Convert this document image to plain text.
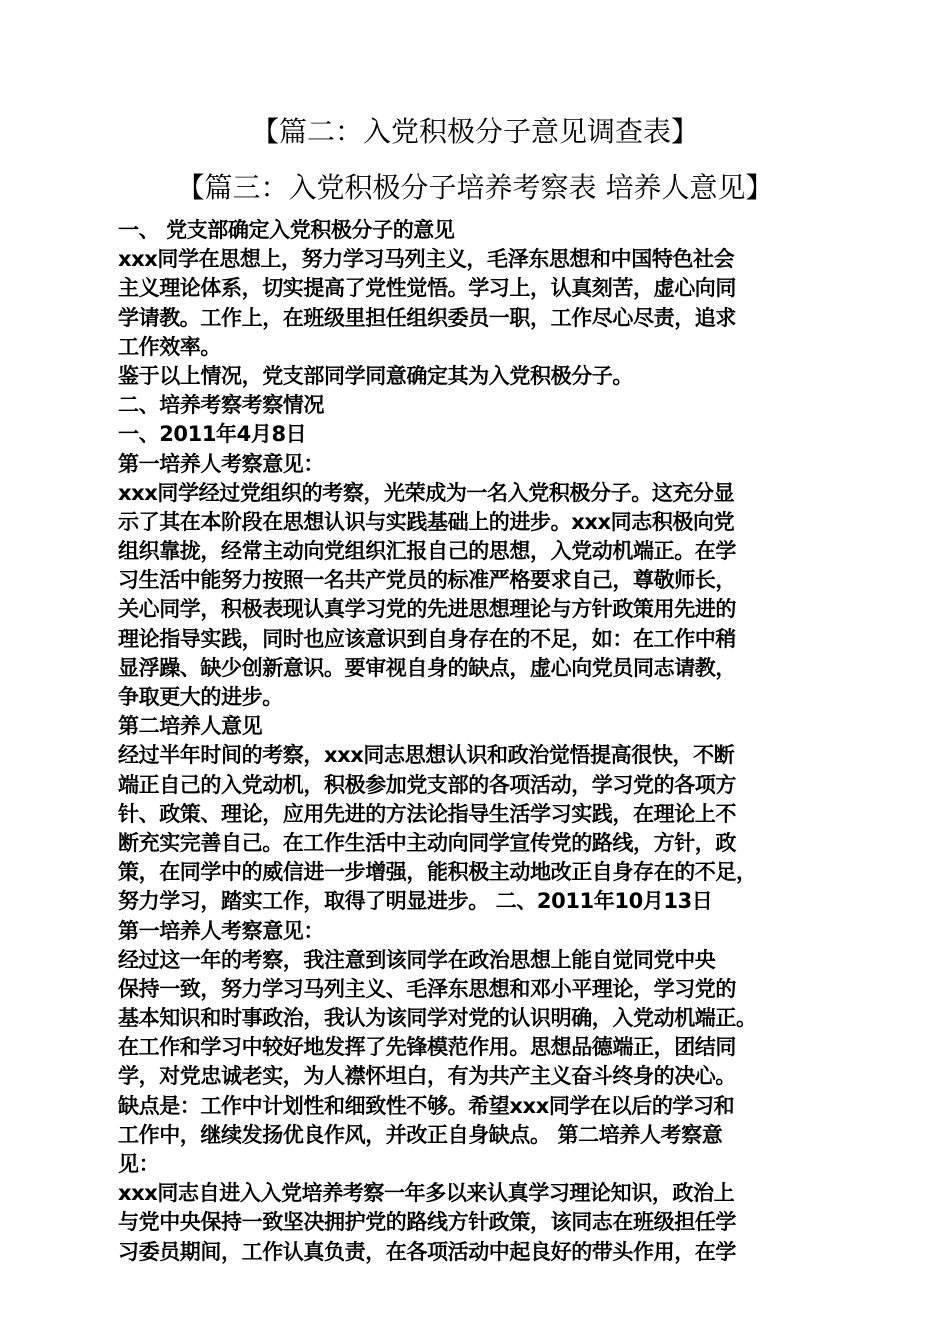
【篇二：入党积极分子意见调查表】
【篇三：入党积极分子培养考察表 培养人意见】
一、 党支部确定入党积极分子的意见
xxx同学在思想上，努力学习马列主义，毛泽东思想和中国特色社会
主义理论体系，切实提高了党性觉悟。学习上，认真刻苦，虚心向同
学请教。工作上，在班级里担任组织委员一职，工作尽心尽责，追求
工作效率。
鉴于以上情况，党支部同学同意确定其为入党积极分子。
二、培养考察考察情况
一、2011年4月8日
第一培养人考察意见：
xxx同学经过党组织的考察，光荣成为一名入党积极分子。这充分显
示了其在本阶段在思想认识与实践基础上的进步。xxx同志积极向党
组织靠拢，经常主动向党组织汇报自己的思想，入党动机端正。在学
习生活中能努力按照一名共产党员的标准严格要求自己，尊敬师长，
关心同学，积极表现认真学习党的先进思想理论与方针政策用先进的
理论指导实践，同时也应该意识到自身存在的不足，如：在工作中稍
显浮躁、缺少创新意识。要审视自身的缺点，虚心向党员同志请教，
争取更大的进步。
第二培养人意见
经过半年时间的考察，xxx同志思想认识和政治觉悟提高很快，不断
端正自己的入党动机，积极参加党支部的各项活动，学习党的各项方
针、政策、理论，应用先进的方法论指导生活学习实践，在理论上不
断充实完善自己。在工作生活中主动向同学宣传党的路线，方针，政
策，在同学中的威信进一步增强，能积极主动地改正自身存在的不足，
努力学习，踏实工作，取得了明显进步。 二、2011年10月13日
第一培养人考察意见：
经过这一年的考察，我注意到该同学在政治思想上能自觉同党中央
保持一致，努力学习马列主义、毛泽东思想和邓小平理论，学习党的
基本知识和时事政治，我认为该同学对党的认识明确，入党动机端正。
在工作和学习中较好地发挥了先锋模范作用。思想品德端正，团结同
学，对党忠诚老实，为人襟怀坦白，有为共产主义奋斗终身的决心。
缺点是：工作中计划性和细致性不够。希望xxx同学在以后的学习和
工作中，继续发扬优良作风，并改正自身缺点。 第二培养人考察意
见：
xxx同志自进入入党培养考察一年多以来认真学习理论知识，政治上
与党中央保持一致坚决拥护党的路线方针政策，该同志在班级担任学
习委员期间，工作认真负责，在各项活动中起良好的带头作用，在学
